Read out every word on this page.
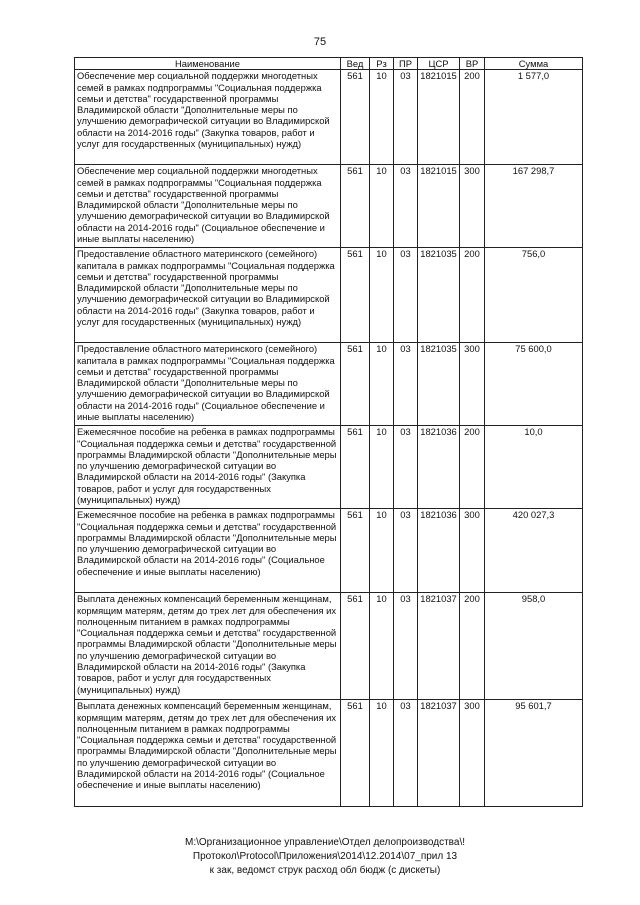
75
Наименование	Вед	Рз	ПР	ЦСР	ВР	Сумма
Обеспечение мер социальной поддержки многодетных семей в рамках подпрограммы "Социальная поддержка семьи и детства" государственной программы Владимирской области "Дополнительные меры по улучшению демографической ситуации во Владимирской области на 2014-2016 годы" (Закупка товаров, работ и услуг для государственных (муниципальных) нужд)	561	10	03	1821015	200	1 577,0
Обеспечение мер социальной поддержки многодетных семей в рамках подпрограммы "Социальная поддержка семьи и детства" государственной программы Владимирской области "Дополнительные меры по улучшению демографической ситуации во Владимирской области на 2014-2016 годы" (Социальное обеспечение и иные выплаты населению)	561	10	03	1821015	300	167 298,7
Предоставление областного материнского (семейного) капитала в рамках подпрограммы "Социальная поддержка семьи и детства" государственной программы Владимирской области "Дополнительные меры по улучшению демографической ситуации во Владимирской области на 2014-2016 годы" (Закупка товаров, работ и услуг для государственных (муниципальных) нужд)	561	10	03	1821035	200	756,0
Предоставление областного материнского (семейного) капитала в рамках подпрограммы "Социальная поддержка семьи и детства" государственной программы Владимирской области "Дополнительные меры по улучшению демографической ситуации во Владимирской области на 2014-2016 годы" (Социальное обеспечение и иные выплаты населению)	561	10	03	1821035	300	75 600,0
Ежемесячное пособие на ребенка в рамках подпрограммы "Социальная поддержка семьи и детства" государственной программы Владимирской области "Дополнительные меры по улучшению демографической ситуации во Владимирской области на 2014-2016 годы" (Закупка товаров, работ и услуг для государственных (муниципальных) нужд)	561	10	03	1821036	200	10,0
Ежемесячное пособие на ребенка в рамках подпрограммы "Социальная поддержка семьи и детства" государственной программы Владимирской области "Дополнительные меры по улучшению демографической ситуации во Владимирской области на 2014-2016 годы" (Социальное обеспечение и иные выплаты населению)	561	10	03	1821036	300	420 027,3
Выплата денежных компенсаций беременным женщинам, кормящим матерям, детям до трех лет для обеспечения их полноценным питанием в рамках подпрограммы "Социальная поддержка семьи и детства" государственной программы Владимирской области "Дополнительные меры по улучшению демографической ситуации во Владимирской области на 2014-2016 годы" (Закупка товаров, работ и услуг для государственных (муниципальных) нужд)	561	10	03	1821037	200	958,0
Выплата денежных компенсаций беременным женщинам, кормящим матерям, детям до трех лет для обеспечения их полноценным питанием в рамках подпрограммы "Социальная поддержка семьи и детства" государственной программы Владимирской области "Дополнительные меры по улучшению демографической ситуации во Владимирской области на 2014-2016 годы" (Социальное обеспечение и иные выплаты населению)	561	10	03	1821037	300	95 601,7
M:\Организационное управление\Отдел делопроизводства\!Протокол\Protocol\Приложения\2014\12.2014\07_прил 13
к зак, ведомст струк расход обл бюдж (с дискеты)
